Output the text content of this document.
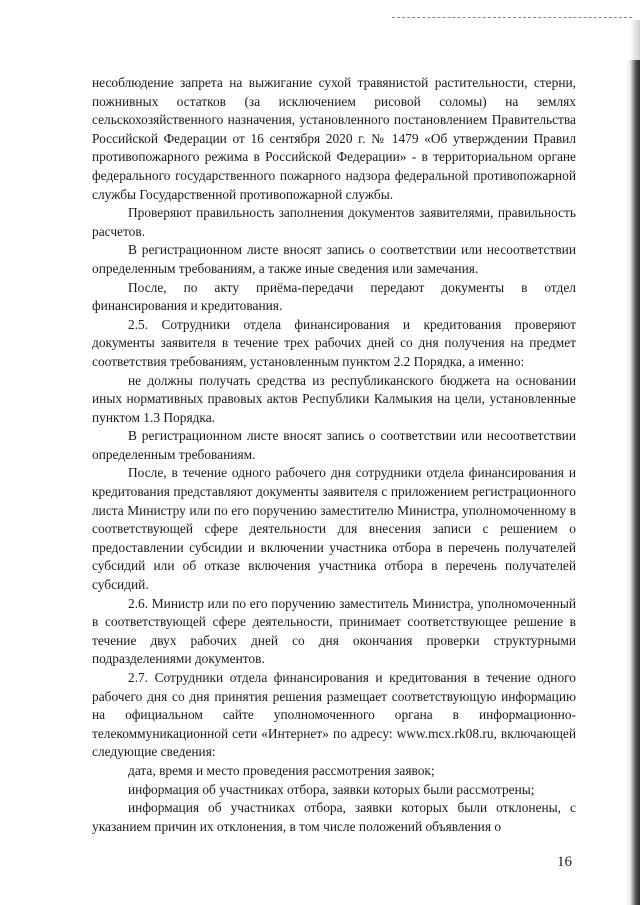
несоблюдение запрета на выжигание сухой травянистой растительности, стерни, пожнивных остатков (за исключением рисовой соломы) на землях сельскохозяйственного назначения, установленного постановлением Правительства Российской Федерации от 16 сентября 2020 г. № 1479 «Об утверждении Правил противопожарного режима в Российской Федерации» - в территориальном органе федерального государственного пожарного надзора федеральной противопожарной службы Государственной противопожарной службы.

Проверяют правильность заполнения документов заявителями, правильность расчетов.

В регистрационном листе вносят запись о соответствии или несоответствии определенным требованиям, а также иные сведения или замечания.

После, по акту приёма-передачи передают документы в отдел финансирования и кредитования.

2.5. Сотрудники отдела финансирования и кредитования проверяют документы заявителя в течение трех рабочих дней со дня получения на предмет соответствия требованиям, установленным пунктом 2.2 Порядка, а именно:

не должны получать средства из республиканского бюджета на основании иных нормативных правовых актов Республики Калмыкия на цели, установленные пунктом 1.3 Порядка.

В регистрационном листе вносят запись о соответствии или несоответствии определенным требованиям.

После, в течение одного рабочего дня сотрудники отдела финансирования и кредитования представляют документы заявителя с приложением регистрационного листа Министру или по его поручению заместителю Министра, уполномоченному в соответствующей сфере деятельности для внесения записи с решением о предоставлении субсидии и включении участника отбора в перечень получателей субсидий или об отказе включения участника отбора в перечень получателей субсидий.

2.6. Министр или по его поручению заместитель Министра, уполномоченный в соответствующей сфере деятельности, принимает соответствующее решение в течение двух рабочих дней со дня окончания проверки структурными подразделениями документов.

2.7. Сотрудники отдела финансирования и кредитования в течение одного рабочего дня со дня принятия решения размещает соответствующую информацию на официальном сайте уполномоченного органа в информационно-телекоммуникационной сети «Интернет» по адресу: www.mcx.rk08.ru, включающей следующие сведения:

дата, время и место проведения рассмотрения заявок;

информация об участниках отбора, заявки которых были рассмотрены;

информация об участниках отбора, заявки которых были отклонены, с указанием причин их отклонения, в том числе положений объявления о

16
